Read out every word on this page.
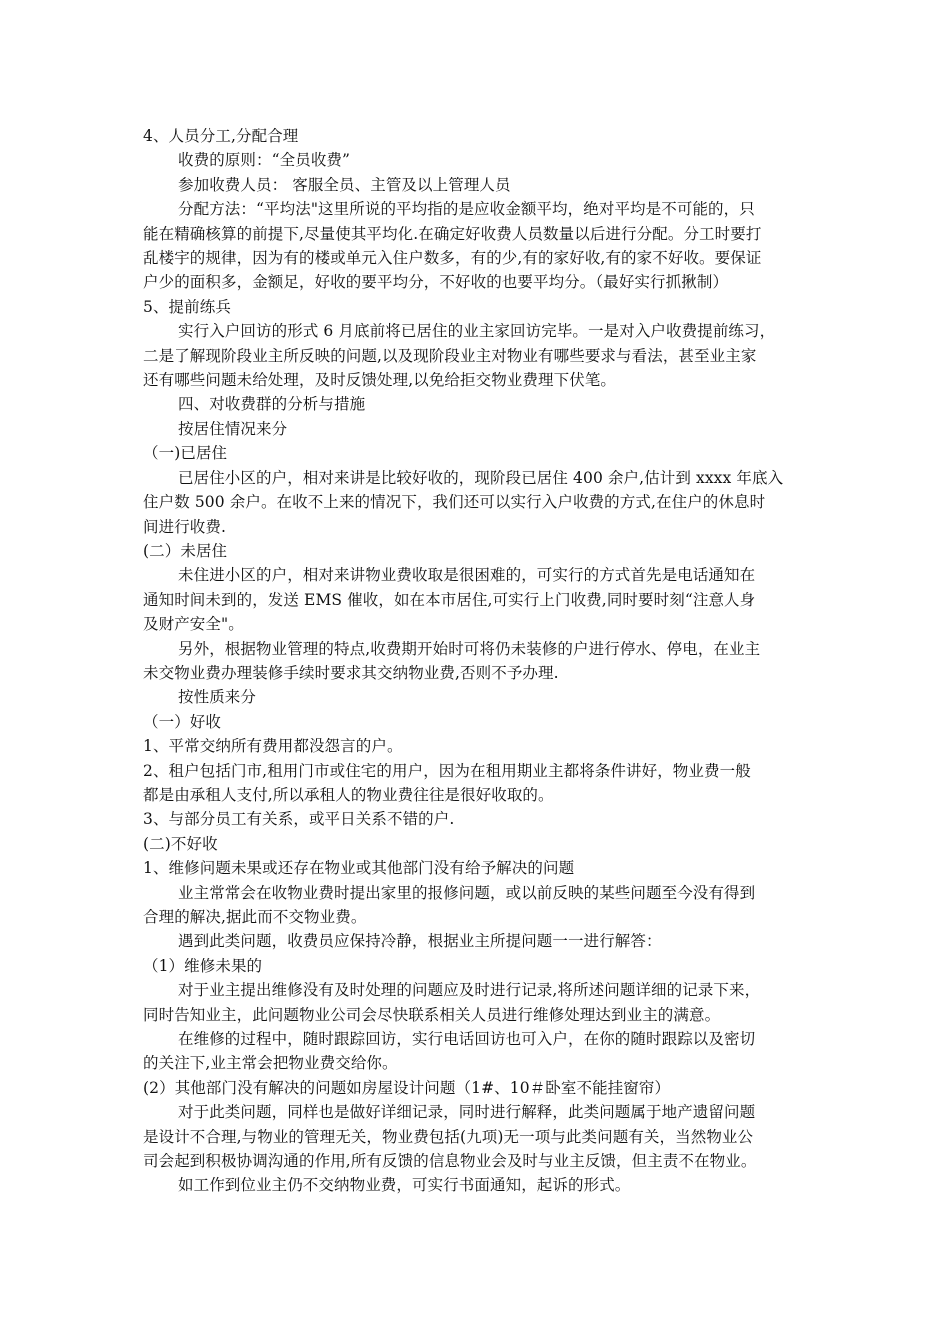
4、人员分工,分配合理

收费的原则：“全员收费”

参加收费人员： 客服全员、主管及以上管理人员

分配方法：“平均法"这里所说的平均指的是应收金额平均，绝对平均是不可能的，只

能在精确核算的前提下,尽量使其平均化.在确定好收费人员数量以后进行分配。分工时要打

乱楼宇的规律，因为有的楼或单元入住户数多，有的少,有的家好收,有的家不好收。要保证

户少的面积多，金额足，好收的要平均分，不好收的也要平均分。（最好实行抓揪制）

5、提前练兵

实行入户回访的形式 6 月底前将已居住的业主家回访完毕。一是对入户收费提前练习，

二是了解现阶段业主所反映的问题,以及现阶段业主对物业有哪些要求与看法，甚至业主家

还有哪些问题未给处理，及时反馈处理,以免给拒交物业费理下伏笔。

四、对收费群的分析与措施

按居住情况来分

（一)已居住

已居住小区的户，相对来讲是比较好收的，现阶段已居住 400 余户,估计到 xxxx 年底入

住户数 500 余户。在收不上来的情况下，我们还可以实行入户收费的方式,在住户的休息时

间进行收费.

(二）未居住

未住进小区的户，相对来讲物业费收取是很困难的，可实行的方式首先是电话通知在

通知时间未到的，发送 EMS 催收，如在本市居住,可实行上门收费,同时要时刻“注意人身

及财产安全"。

另外，根据物业管理的特点,收费期开始时可将仍未装修的户进行停水、停电，在业主

未交物业费办理装修手续时要求其交纳物业费,否则不予办理.

按性质来分

（一）好收

1、平常交纳所有费用都没怨言的户。

2、租户包括门市,租用门市或住宅的用户，因为在租用期业主都将条件讲好，物业费一般

都是由承租人支付,所以承租人的物业费往往是很好收取的。

3、与部分员工有关系，或平日关系不错的户.

(二)不好收

1、维修问题未果或还存在物业或其他部门没有给予解决的问题

业主常常会在收物业费时提出家里的报修问题，或以前反映的某些问题至今没有得到

合理的解决,据此而不交物业费。

遇到此类问题，收费员应保持冷静，根据业主所提问题一一进行解答：

（1）维修未果的

对于业主提出维修没有及时处理的问题应及时进行记录,将所述问题详细的记录下来，

同时告知业主，此问题物业公司会尽快联系相关人员进行维修处理达到业主的满意。

在维修的过程中，随时跟踪回访，实行电话回访也可入户，在你的随时跟踪以及密切

的关注下,业主常会把物业费交给你。

(2）其他部门没有解决的问题如房屋设计问题（1#、10＃卧室不能挂窗帘）

对于此类问题，同样也是做好详细记录，同时进行解释，此类问题属于地产遗留问题

是设计不合理,与物业的管理无关，物业费包括(九项)无一项与此类问题有关，当然物业公

司会起到积极协调沟通的作用,所有反馈的信息物业会及时与业主反馈，但主责不在物业。

如工作到位业主仍不交纳物业费，可实行书面通知，起诉的形式。
